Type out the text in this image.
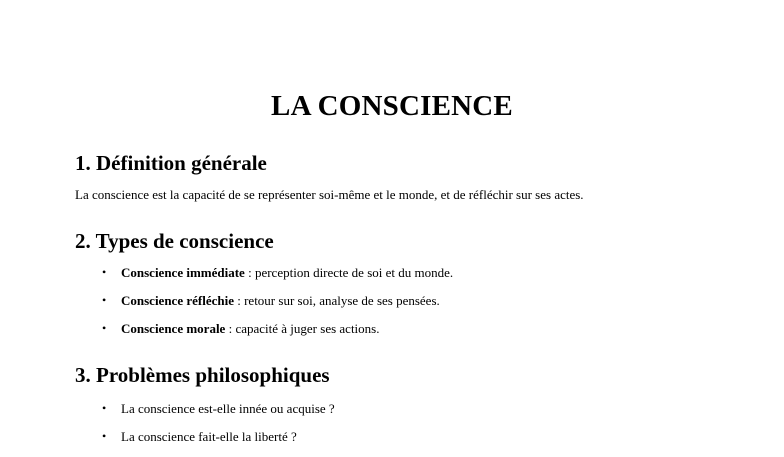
LA CONSCIENCE
1. Définition générale

La conscience est la capacité de se représenter soi-même et le monde, et de réfléchir sur ses actes.

2. Types de conscience
• Conscience immédiate : perception directe de soi et du monde.
• Conscience réfléchie : retour sur soi, analyse de ses pensées.
• Conscience morale : capacité à juger ses actions.
3. Problèmes philosophiques
• La conscience est-elle innée ou acquise ?
• La conscience fait-elle la liberté ?
